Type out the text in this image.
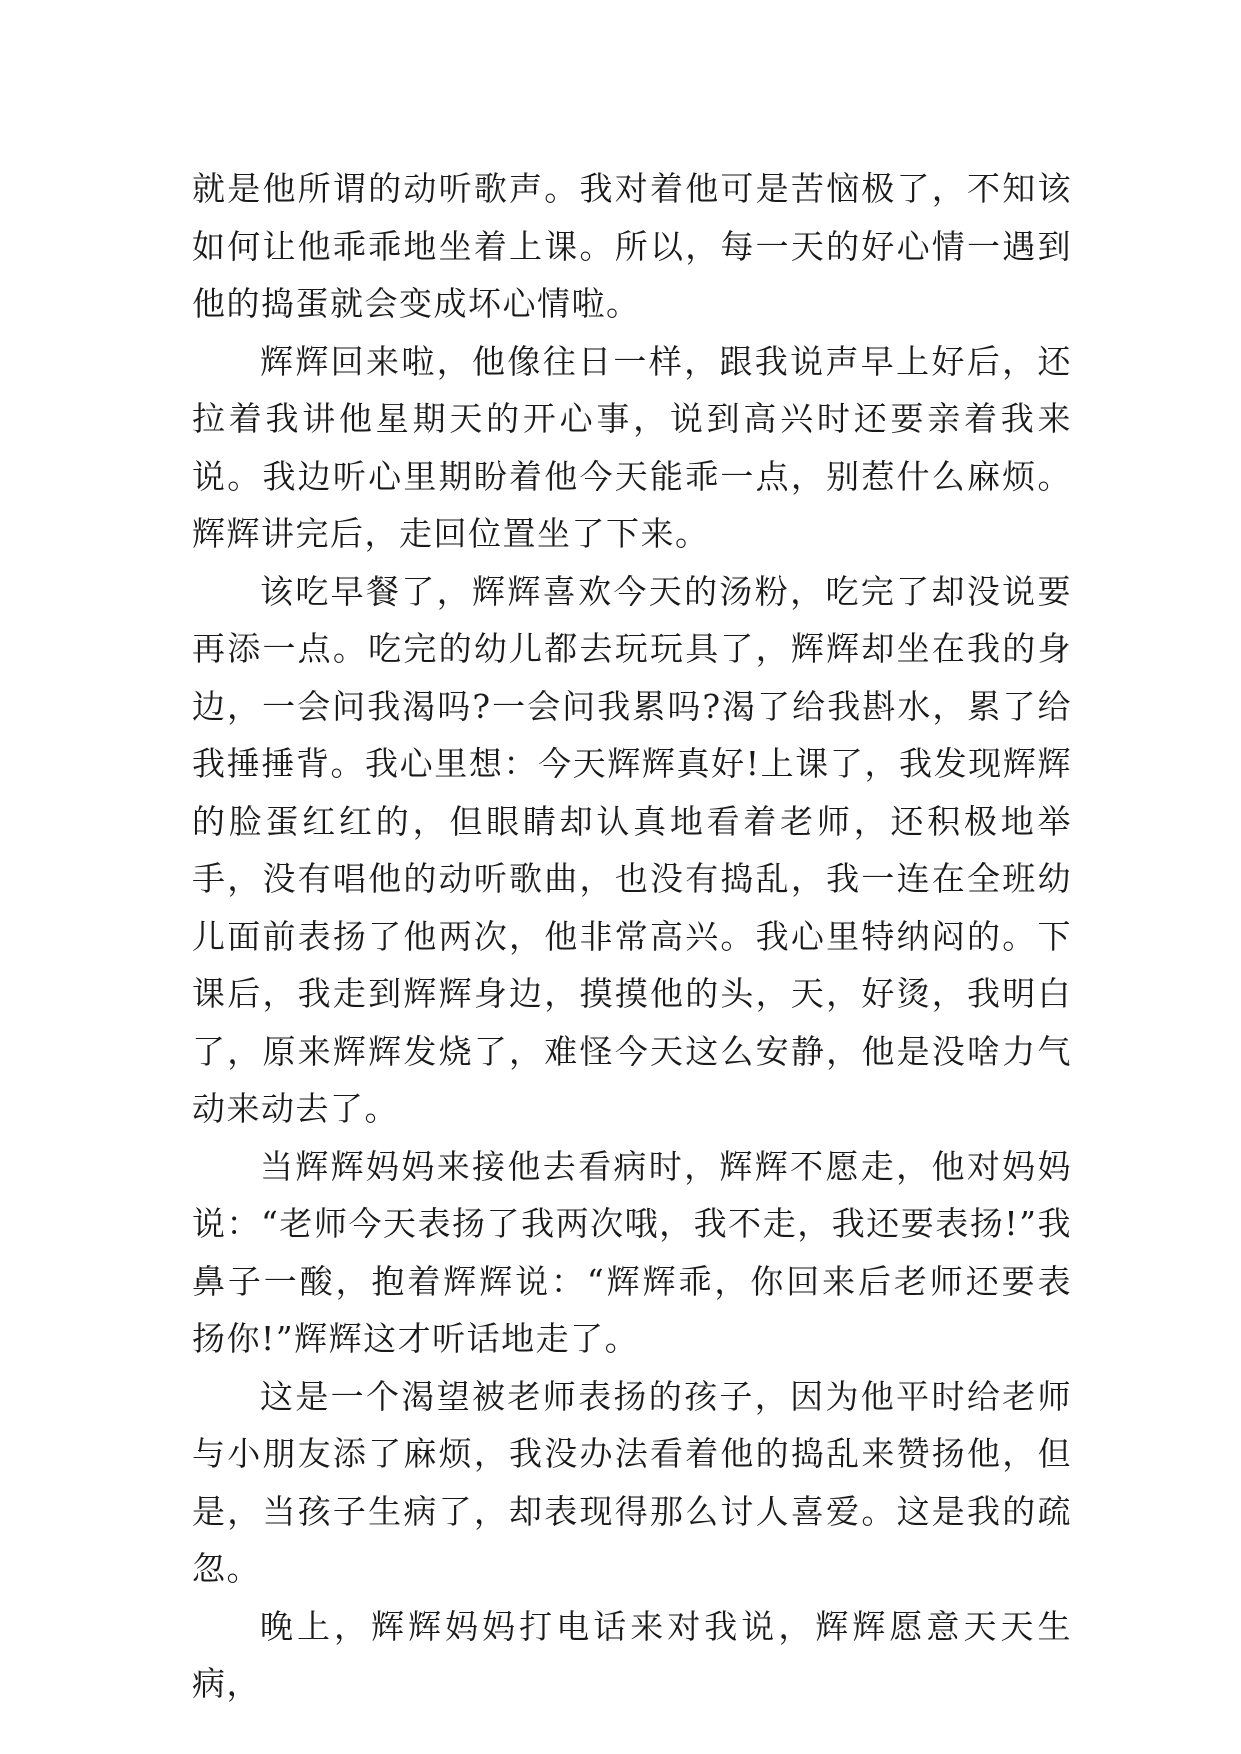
就是他所谓的动听歌声。我对着他可是苦恼极了，不知该如何让他乖乖地坐着上课。所以，每一天的好心情一遇到他的捣蛋就会变成坏心情啦。

辉辉回来啦，他像往日一样，跟我说声早上好后，还拉着我讲他星期天的开心事，说到高兴时还要亲着我来说。我边听心里期盼着他今天能乖一点，别惹什么麻烦。辉辉讲完后，走回位置坐了下来。

该吃早餐了，辉辉喜欢今天的汤粉，吃完了却没说要再添一点。吃完的幼儿都去玩玩具了，辉辉却坐在我的身边，一会问我渴吗?一会问我累吗?渴了给我斟水，累了给我捶捶背。我心里想：今天辉辉真好!上课了，我发现辉辉的脸蛋红红的，但眼睛却认真地看着老师，还积极地举手，没有唱他的动听歌曲，也没有捣乱，我一连在全班幼儿面前表扬了他两次，他非常高兴。我心里特纳闷的。下课后，我走到辉辉身边，摸摸他的头，天，好烫，我明白了，原来辉辉发烧了，难怪今天这么安静，他是没啥力气动来动去了。

当辉辉妈妈来接他去看病时，辉辉不愿走，他对妈妈说：“老师今天表扬了我两次哦，我不走，我还要表扬!”我鼻子一酸，抱着辉辉说：“辉辉乖，你回来后老师还要表扬你!”辉辉这才听话地走了。

这是一个渴望被老师表扬的孩子，因为他平时给老师与小朋友添了麻烦，我没办法看着他的捣乱来赞扬他，但是，当孩子生病了，却表现得那么讨人喜爱。这是我的疏忽。

晚上，辉辉妈妈打电话来对我说，辉辉愿意天天生病，
